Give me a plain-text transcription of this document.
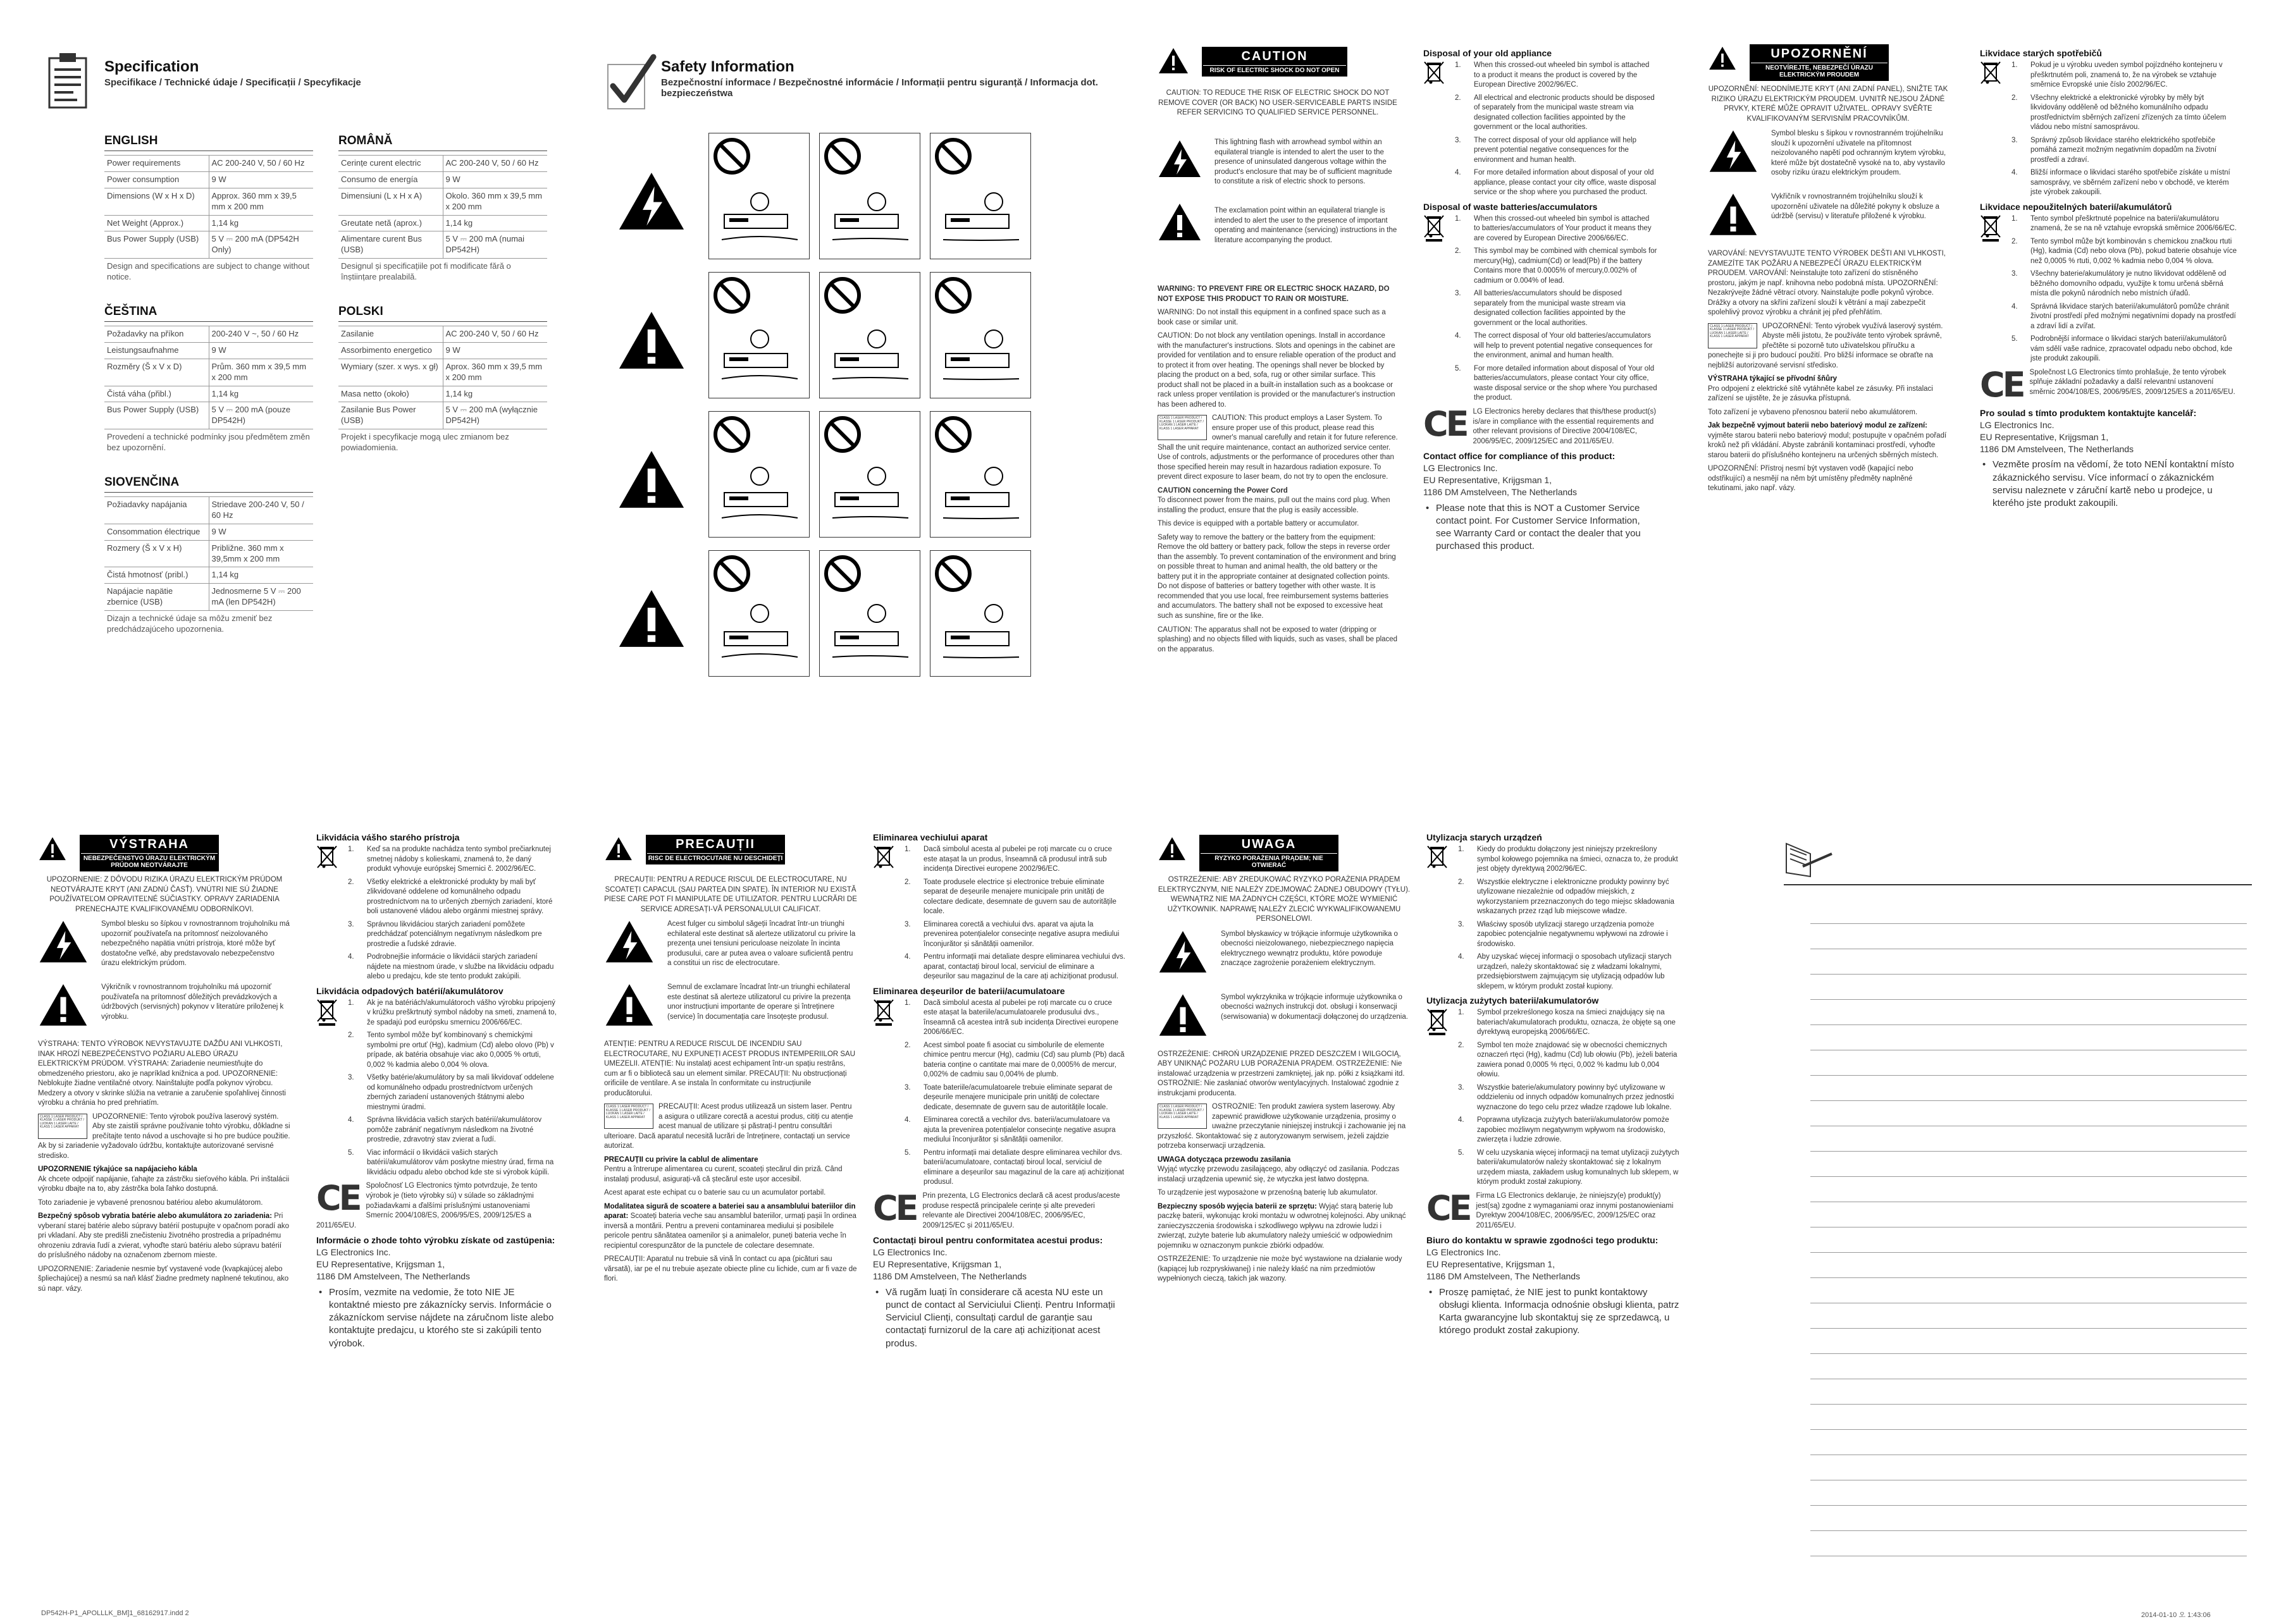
Specification
Specifikace / Technické údaje / Specificații / Specyfikacje
ENGLISH
Power requirements	AC 200-240 V, 50 / 60 Hz
Power consumption	9 W
Dimensions (W x H x D)	Approx. 360 mm x 39,5 mm x 200 mm
Net Weight (Approx.)	1,14 kg
Bus Power Supply (USB)	5 V ⎓ 200 mA (DP542H Only)
Design and specifications are subject to change without notice.	
ČEŠTINA
Požadavky na příkon	200-240 V ~, 50 / 60 Hz
Leistungsaufnahme	9 W
Rozměry (Š x V x D)	Prům. 360 mm x 39,5 mm x 200 mm
Čistá váha (přibl.)	1,14 kg
Bus Power Supply (USB)	5 V ⎓ 200 mA (pouze DP542H)
Provedení a technické podmínky jsou předmětem změn bez upozornění.	
SIOVENČINA
Požiadavky napájania	Striedave 200-240 V, 50 / 60 Hz
Consommation électrique	9 W
Rozmery (Š x V x H)	Približne. 360 mm x 39,5mm x 200 mm
Čistá hmotnosť (pribl.)	1,14 kg
Napájacie napätie zbernice (USB)	Jednosmerne 5 V ⎓ 200 mA (len DP542H)
Dizajn a technické údaje sa môžu zmeniť bez predchádzajúceho upozornenia.	
ROMÂNĂ
Cerințe curent electric	AC 200-240 V, 50 / 60 Hz
Consumo de energía	9 W
Dimensiuni (L x H x A)	Okolo. 360 mm x 39,5 mm x 200 mm
Greutate netă (aprox.)	1,14 kg
Alimentare curent Bus (USB)	5 V ⎓ 200 mA (numai DP542H)
Designul și specificațiile pot fi modificate fără o înștiințare prealabilă.	
POLSKI
Zasilanie	AC 200-240 V, 50 / 60 Hz
Assorbimento energetico	9 W
Wymiary (szer. x wys. x gł)	Aprox. 360 mm x 39,5 mm x 200 mm
Masa netto (około)	1,14 kg
Zasilanie Bus Power (USB)	5 V ⎓ 200 mA (wyłącznie DP542H)
Projekt i specyfikacje mogą ulec zmianom bez powiadomienia.	
Safety Information
Bezpečnostní informace / Bezpečnostné informácie / Informații pentru siguranță / Informacja dot. bezpieczeństwa
CAUTION
RISK OF ELECTRIC SHOCK DO NOT OPEN
CAUTION: TO REDUCE THE RISK OF ELECTRIC SHOCK DO NOT REMOVE COVER (OR BACK) NO USER-SERVICEABLE PARTS INSIDE REFER SERVICING TO QUALIFIED SERVICE PERSONNEL.
This lightning flash with arrowhead symbol within an equilateral triangle is intended to alert the user to the presence of uninsulated dangerous voltage within the product's enclosure that may be of sufficient magnitude to constitute a risk of electric shock to persons.
The exclamation point within an equilateral triangle is intended to alert the user to the presence of important operating and maintenance (servicing) instructions in the literature accompanying the product.
WARNING: TO PREVENT FIRE OR ELECTRIC SHOCK HAZARD, DO NOT EXPOSE THIS PRODUCT TO RAIN OR MOISTURE.
WARNING: Do not install this equipment in a confined space such as a book case or similar unit.
CAUTION: Do not block any ventilation openings. Install in accordance with the manufacturer's instructions. Slots and openings in the cabinet are provided for ventilation and to ensure reliable operation of the product and to protect it from over heating. The openings shall never be blocked by placing the product on a bed, sofa, rug or other similar surface. This product shall not be placed in a built-in installation such as a bookcase or rack unless proper ventilation is provided or the manufacturer's instruction has been adhered to.
CLASS 1 LASER PRODUCT / KLASSE 1 LASER PRODUKT / LUOKAN 1 LASER LAITE / KLASS 1 LASER APPARAT
CAUTION: This product employs a Laser System. To ensure proper use of this product, please read this owner's manual carefully and retain it for future reference. Shall the unit require maintenance, contact an authorized service center. Use of controls, adjustments or the performance of procedures other than those specified herein may result in hazardous radiation exposure. To prevent direct exposure to laser beam, do not try to open the enclosure.
CAUTION concerning the Power Cord
To disconnect power from the mains, pull out the mains cord plug. When installing the product, ensure that the plug is easily accessible.
This device is equipped with a portable battery or accumulator.
Safety way to remove the battery or the battery from the equipment: Remove the old battery or battery pack, follow the steps in reverse order than the assembly. To prevent contamination of the environment and bring on possible threat to human and animal health, the old battery or the battery put it in the appropriate container at designated collection points. Do not dispose of batteries or battery together with other waste. It is recommended that you use local, free reimbursement systems batteries and accumulators. The battery shall not be exposed to excessive heat such as sunshine, fire or the like.
CAUTION: The apparatus shall not be exposed to water (dripping or splashing) and no objects filled with liquids, such as vases, shall be placed on the apparatus.
Disposal of your old appliance
1. When this crossed-out wheeled bin symbol is attached to a product it means the product is covered by the European Directive 2002/96/EC.
2. All electrical and electronic products should be disposed of separately from the municipal waste stream via designated collection facilities appointed by the government or the local authorities.
3. The correct disposal of your old appliance will help prevent potential negative consequences for the environment and human health.
4. For more detailed information about disposal of your old appliance, please contact your city office, waste disposal service or the shop where you purchased the product.
Disposal of waste batteries/accumulators
1. When this crossed-out wheeled bin symbol is attached to batteries/accumulators of Your product it means they are covered by European Directive 2006/66/EC.
2. This symbol may be combined with chemical symbols for mercury(Hg), cadmium(Cd) or lead(Pb) if the battery Contains more that 0.0005% of mercury,0.002% of cadmium or 0.004% of lead.
3. All batteries/accumulators should be disposed separately from the municipal waste stream via designated collection facilities appointed by the government or the local authorities.
4. The correct disposal of Your old batteries/accumulators will help to prevent potential negative consequences for the environment, animal and human health.
5. For more detailed information about disposal of Your old batteries/accumulators, please contact Your city office, waste disposal service or the shop where You purchased the product.
CE LG Electronics hereby declares that this/these product(s) is/are in compliance with the essential requirements and other relevant provisions of Directive 2004/108/EC, 2006/95/EC, 2009/125/EC and 2011/65/EU.
Contact office for compliance of this product:
LG Electronics Inc.
EU Representative, Krijgsman 1,
1186 DM Amstelveen, The Netherlands
• Please note that this is NOT a Customer Service contact point. For Customer Service Information, see Warranty Card or contact the dealer that you purchased this product.
UPOZORNĚNÍ
NEOTVÍREJTE, NEBEZPEČÍ ÚRAZU ELEKTRICKÝM PROUDEM
UPOZORNĚNÍ: NEODNÍMEJTE KRYT (ANI ZADNÍ PANEL), SNIŽTE TAK RIZIKO ÚRAZU ELEKTRICKÝM PROUDEM. UVNITŘ NEJSOU ŽÁDNÉ PRVKY, KTERÉ MŮŽE OPRAVIT UŽIVATEL. OPRAVY SVĚŘTE KVALIFIKOVANÝM SERVISNÍM PRACOVNÍKŮM.
Symbol blesku s šipkou v rovnostranném trojúhelníku slouží k upozornění uživatele na přítomnost neizolovaného napětí pod ochranným krytem výrobku, které může být dostatečně vysoké na to, aby vystavilo osoby riziku úrazu elektrickým proudem.
Vykřičník v rovnostranném trojúhelníku slouží k upozornění uživatele na důležité pokyny k obsluze a údržbě (servisu) v literatuře přiložené k výrobku.
VAROVÁNÍ: NEVYSTAVUJTE TENTO VÝROBEK DEŠTI ANI VLHKOSTI, ZAMEZÍTE TAK POŽÁRU A NEBEZPEČÍ ÚRAZU ELEKTRICKÝM PROUDEM. VAROVÁNÍ: Neinstalujte toto zařízení do stísněného prostoru, jakým je např. knihovna nebo podobná místa. UPOZORNĚNÍ: Nezakrývejte žádné větrací otvory. Nainstalujte podle pokynů výrobce. Drážky a otvory na skříni zařízení slouží k větrání a mají zabezpečit spolehlivý provoz výrobku a chránit jej před přehřátím.
CLASS 1 LASER PRODUCT / KLASSE 1 LASER PRODUKT / LUOKAN 1 LASER LAITE / KLASS 1 LASER APPARAT
UPOZORNĚNÍ: Tento výrobek využívá laserový systém. Abyste měli jistotu, že používáte tento výrobek správně, přečtěte si pozorně tuto uživatelskou příručku a ponechejte si ji pro budoucí použití. Pro bližší informace se obraťte na nejbližší autorizované servisní středisko.
VÝSTRAHA týkající se přívodní šňůry
Pro odpojení z elektrické sítě vytáhněte kabel ze zásuvky. Při instalaci zařízení se ujistěte, že je zásuvka přístupná.
Toto zařízení je vybaveno přenosnou baterií nebo akumulátorem.
Jak bezpečně vyjmout baterii nebo bateriový modul ze zařízení: vyjměte starou baterii nebo bateriový modul; postupujte v opačném pořadí kroků než při vkládání. Abyste zabránili kontaminaci prostředí, vyhoďte starou baterii do příslušného kontejneru na určených sběrných místech.
UPOZORNĚNÍ: Přístroj nesmí být vystaven vodě (kapající nebo odstřikující) a nesmějí na něm být umístěny předměty naplněné tekutinami, jako např. vázy.
Likvidace starých spotřebičů
1. Pokud je u výrobku uveden symbol pojízdného kontejneru v přeškrtnutém poli, znamená to, že na výrobek se vztahuje směrnice Evropské unie číslo 2002/96/EC.
2. Všechny elektrické a elektronické výrobky by měly být likvidovány odděleně od běžného komunálního odpadu prostřednictvím sběrných zařízení zřízených za tímto účelem vládou nebo místní samosprávou.
3. Správný způsob likvidace starého elektrického spotřebiče pomáhá zamezit možným negativním dopadům na životní prostředí a zdraví.
4. Bližší informace o likvidaci starého spotřebiče získáte u místní samosprávy, ve sběrném zařízení nebo v obchodě, ve kterém jste výrobek zakoupili.
Likvidace nepoužitelných baterií/akumulátorů
1. Tento symbol přeškrtnuté popelnice na baterii/akumulátoru znamená, že se na ně vztahuje evropská směrnice 2006/66/EC.
2. Tento symbol může být kombinován s chemickou značkou rtuti (Hg), kadmia (Cd) nebo olova (Pb), pokud baterie obsahuje více než 0,0005 % rtuti, 0,002 % kadmia nebo 0,004 % olova.
3. Všechny baterie/akumulátory je nutno likvidovat odděleně od běžného domovního odpadu, využijte k tomu určená sběrná místa dle pokynů národních nebo místních úřadů.
4. Správná likvidace starých baterií/akumulátorů pomůže chránit životní prostředí před možnými negativními dopady na prostředí a zdraví lidí a zvířat.
5. Podrobnější informace o likvidaci starých baterií/akumulátorů vám sdělí vaše radnice, zpracovatel odpadu nebo obchod, kde jste produkt zakoupili.
CE Společnost LG Electronics tímto prohlašuje, že tento výrobek splňuje základní požadavky a další relevantní ustanovení směrnic 2004/108/ES, 2006/95/ES, 2009/125/ES a 2011/65/EU.
Pro soulad s tímto produktem kontaktujte kancelář:
LG Electronics Inc.
EU Representative, Krijgsman 1,
1186 DM Amstelveen, The Netherlands
• Vezměte prosím na vědomí, že toto NENÍ kontaktní místo zákaznického servisu. Více informací o zákaznickém servisu naleznete v záruční kartě nebo u prodejce, u kterého jste produkt zakoupili.
VÝSTRAHA
NEBEZPEČENSTVO ÚRAZU ELEKTRICKÝM PRÚDOM NEOTVÁRAJTE
UPOZORNENIE: Z DÔVODU RIZIKA ÚRAZU ELEKTRICKÝM PRÚDOM NEOTVÁRAJTE KRYT (ANI ZADNÚ ČASŤ). VNÚTRI NIE SÚ ŽIADNE POUŽÍVATEĽOM OPRAVITEĽNÉ SÚČIASTKY. OPRAVY ZARIADENIA PRENECHAJTE KVALIFIKOVANÉMU ODBORNÍKOVI.
Symbol blesku so šípkou v rovnostrannom trojuholníku má upozorniť používateľa na prítomnosť neizolovaného nebezpečného napätia vnútri prístroja, ktoré môže byť dostatočne veľké, aby predstavovalo nebezpečenstvo úrazu elektrickým prúdom.
Výkričník v rovnostrannom trojuholníku má upozorniť používateľa na prítomnosť dôležitých prevádzkových a údržbových (servisných) pokynov v literatúre priloženej k výrobku.
VÝSTRAHA: TENTO VÝROBOK NEVYSTAVUJTE DAŽĎU ANI VLHKOSTI, INAK HROZÍ NEBEZPEČENSTVO POŽIARU ALEBO ÚRAZU ELEKTRICKÝM PRÚDOM. VÝSTRAHA: Zariadenie neumiestňujte do obmedzeného priestoru, ako je napríklad knižnica a pod. UPOZORNENIE: Neblokujte žiadne ventilačné otvory. Nainštalujte podľa pokynov výrobcu. Medzery a otvory v skrinke slúžia na vetranie a zaručenie spoľahlivej činnosti výrobku a chránia ho pred prehriatím.
CLASS 1 LASER PRODUCT / KLASSE 1 LASER PRODUKT / LUOKAN 1 LASER LAITE / KLASS 1 LASER APPARAT
UPOZORNENIE: Tento výrobok používa laserový systém. Aby ste zaistili správne používanie tohto výrobku, dôkladne si prečítajte tento návod a uschovajte si ho pre budúce použitie. Ak by si zariadenie vyžadovalo údržbu, kontaktujte autorizované servisné stredisko.
UPOZORNENIE týkajúce sa napájacieho kábla
Ak chcete odpojiť napájanie, ťahajte za zástrčku sieťového kábla. Pri inštalácii výrobku dbajte na to, aby zástrčka bola ľahko dostupná.
Toto zariadenie je vybavené prenosnou batériou alebo akumulátorom.
Bezpečný spôsob vybratia batérie alebo akumulátora zo zariadenia: Pri vyberaní starej batérie alebo súpravy batérií postupujte v opačnom poradí ako pri vkladaní. Aby ste predišli znečisteniu životného prostredia a prípadnému ohrozeniu zdravia ľudí a zvierat, vyhoďte starú batériu alebo súpravu batérií do príslušného nádoby na označenom zbernom mieste.
UPOZORNENIE: Zariadenie nesmie byť vystavené vode (kvapkajúcej alebo špliechajúcej) a nesmú sa naň klásť žiadne predmety naplnené tekutinou, ako sú napr. vázy.
Likvidácia vášho starého prístroja
1. Keď sa na produkte nachádza tento symbol prečiarknutej smetnej nádoby s kolieskami, znamená to, že daný produkt vyhovuje európskej Smernici č. 2002/96/EC.
2. Všetky elektrické a elektronické produkty by mali byť zlikvidované oddelene od komunálneho odpadu prostredníctvom na to určených zberných zariadení, ktoré boli ustanovené vládou alebo orgánmi miestnej správy.
3. Správnou likvidáciou starých zariadení pomôžete predchádzať potenciálnym negatívnym následkom pre prostredie a ľudské zdravie.
4. Podrobnejšie informácie o likvidácii starých zariadení nájdete na miestnom úrade, v službe na likvidáciu odpadu alebo u predajcu, kde ste tento produkt zakúpili.
Likvidácia odpadových batérií/akumulátorov
1. Ak je na batériách/akumulátoroch vášho výrobku pripojený v krúžku preškrtnutý symbol nádoby na smeti, znamená to, že spadajú pod európsku smernicu 2006/66/EC.
2. Tento symbol môže byť kombinovaný s chemickými symbolmi pre ortuť (Hg), kadmium (Cd) alebo olovo (Pb) v prípade, ak batéria obsahuje viac ako 0,0005 % ortuti, 0,002 % kadmia alebo 0,004 % olova.
3. Všetky batérie/akumulátory by sa mali likvidovať oddelene od komunálneho odpadu prostredníctvom určených zberných zariadení ustanovených štátnymi alebo miestnymi úradmi.
4. Správna likvidácia vašich starých batérií/akumulátorov pomôže zabrániť negatívnym následkom na životné prostredie, zdravotný stav zvierat a ľudí.
5. Viac informácií o likvidácii vašich starých batérií/akumulátorov vám poskytne miestny úrad, firma na likvidáciu odpadu alebo obchod kde ste si výrobok kúpili.
CE Spoločnosť LG Electronics týmto potvrdzuje, že tento výrobok je (tieto výrobky sú) v súlade so základnými požiadavkami a ďalšími príslušnými ustanoveniami Smerníc 2004/108/ES, 2006/95/ES, 2009/125/ES a 2011/65/EU.
Informácie o zhode tohto výrobku získate od zastúpenia:
LG Electronics Inc.
EU Representative, Krijgsman 1,
1186 DM Amstelveen, The Netherlands
• Prosím, vezmite na vedomie, že toto NIE JE kontaktné miesto pre zákaznícky servis. Informácie o zákazníckom servise nájdete na záručnom liste alebo kontaktujte predajcu, u ktorého ste si zakúpili tento výrobok.
PRECAUȚII
RISC DE ELECTROCUTARE NU DESCHIDEȚI
PRECAUȚII: PENTRU A REDUCE RISCUL DE ELECTROCUTARE, NU SCOATEȚI CAPACUL (SAU PARTEA DIN SPATE). ÎN INTERIOR NU EXISTĂ PIESE CARE POT FI MANIPULATE DE UTILIZATOR. PENTRU LUCRĂRI DE SERVICE ADRESAȚI-VĂ PERSONALULUI CALIFICAT.
Acest fulger cu simbolul săgeții încadrat într-un triunghi echilateral este destinat să alerteze utilizatorul cu privire la prezența unei tensiuni periculoase neizolate în incinta produsului, care ar putea avea o valoare suficientă pentru a constitui un risc de electrocutare.
Semnul de exclamare încadrat într-un triunghi echilateral este destinat să alerteze utilizatorul cu privire la prezența unor instrucțiuni importante de operare și întreținere (service) în documentația care însoțește produsul.
ATENȚIE: PENTRU A REDUCE RISCUL DE INCENDIU SAU ELECTROCUTARE, NU EXPUNEȚI ACEST PRODUS INTEMPERIILOR SAU UMEZELII. ATENȚIE: Nu instalați acest echipament într-un spațiu restrâns, cum ar fi o bibliotecă sau un element similar. PRECAUȚII: Nu obstrucționați orificiile de ventilare. A se instala în conformitate cu instrucțiunile producătorului.
CLASS 1 LASER PRODUCT / KLASSE 1 LASER PRODUKT / LUOKAN 1 LASER LAITE / KLASS 1 LASER APPARAT
PRECAUȚII: Acest produs utilizează un sistem laser. Pentru a asigura o utilizare corectă a acestui produs, citiți cu atenție acest manual de utilizare și păstrați-l pentru consultări ulterioare. Dacă aparatul necesită lucrări de întreținere, contactați un service autorizat.
PRECAUȚII cu privire la cablul de alimentare
Pentru a întrerupe alimentarea cu curent, scoateți ștecărul din priză. Când instalați produsul, asigurați-vă că ștecărul este ușor accesibil.
Acest aparat este echipat cu o baterie sau cu un acumulator portabil.
Modalitatea sigură de scoatere a bateriei sau a ansamblului bateriilor din aparat: Scoateți bateria veche sau ansamblul bateriilor, urmați pașii în ordinea inversă a montării. Pentru a preveni contaminarea mediului și posibilele pericole pentru sănătatea oamenilor și a animalelor, puneți bateria veche în recipientul corespunzător de la punctele de colectare desemnate.
PRECAUȚII: Aparatul nu trebuie să vină în contact cu apa (picături sau vărsată), iar pe el nu trebuie așezate obiecte pline cu lichide, cum ar fi vaze de flori.
Eliminarea vechiului aparat
1. Dacă simbolul acesta al pubelei pe roți marcate cu o cruce este atașat la un produs, înseamnă că produsul intră sub incidența Directivei europene 2002/96/EC.
2. Toate produsele electrice și electronice trebuie eliminate separat de deșeurile menajere municipale prin unități de colectare dedicate, desemnate de guvern sau de autoritățile locale.
3. Eliminarea corectă a vechiului dvs. aparat va ajuta la prevenirea potențialelor consecințe negative asupra mediului înconjurător și sănătății oamenilor.
4. Pentru informații mai detaliate despre eliminarea vechiului dvs. aparat, contactați biroul local, serviciul de eliminare a deșeurilor sau magazinul de la care ați achiziționat produsul.
Eliminarea deșeurilor de baterii/acumulatoare
1. Dacă simbolul acesta al pubelei pe roți marcate cu o cruce este atașat la bateriile/acumulatoarele produsului dvs., înseamnă că acestea intră sub incidența Directivei europene 2006/66/EC.
2. Acest simbol poate fi asociat cu simbolurile de elemente chimice pentru mercur (Hg), cadmiu (Cd) sau plumb (Pb) dacă bateria conține o cantitate mai mare de 0,0005% de mercur, 0,002% de cadmiu sau 0,004% de plumb.
3. Toate bateriile/acumulatoarele trebuie eliminate separat de deșeurile menajere municipale prin unități de colectare dedicate, desemnate de guvern sau de autoritățile locale.
4. Eliminarea corectă a vechilor dvs. baterii/acumulatoare va ajuta la prevenirea potențialelor consecințe negative asupra mediului înconjurător și sănătății oamenilor.
5. Pentru informații mai detaliate despre eliminarea vechilor dvs. baterii/acumulatoare, contactați biroul local, serviciul de eliminare a deșeurilor sau magazinul de la care ați achiziționat produsul.
CE Prin prezenta, LG Electronics declară că acest produs/aceste produse respectă principalele cerințe și alte prevederi relevante ale Directivei 2004/108/EC, 2006/95/EC, 2009/125/EC și 2011/65/EU.
Contactați biroul pentru conformitatea acestui produs:
LG Electronics Inc.
EU Representative, Krijgsman 1,
1186 DM Amstelveen, The Netherlands
• Vă rugăm luați în considerare că acesta NU este un punct de contact al Serviciului Clienți. Pentru Informații Serviciul Clienți, consultați cardul de garanție sau contactați furnizorul de la care ați achiziționat acest produs.
UWAGA
RYZYKO PORAŻENIA PRĄDEM; NIE OTWIERAĆ
OSTRZEŻENIE: ABY ZREDUKOWAĆ RYZYKO PORAŻENIA PRĄDEM ELEKTRYCZNYM, NIE NALEŻY ZDEJMOWAĆ ŻADNEJ OBUDOWY (TYŁU). WEWNĄTRZ NIE MA ŻADNYCH CZĘŚCI, KTÓRE MOŻE WYMIENIĆ UŻYTKOWNIK. NAPRAWĘ NALEŻY ZLECIĆ WYKWALIFIKOWANEMU PERSONELOWI.
Symbol błyskawicy w trójkącie informuje użytkownika o obecności nieizolowanego, niebezpiecznego napięcia elektrycznego wewnątrz produktu, które powoduje znaczące zagrożenie porażeniem elektrycznym.
Symbol wykrzyknika w trójkącie informuje użytkownika o obecności ważnych instrukcji dot. obsługi i konserwacji (serwisowania) w dokumentacji dołączonej do urządzenia.
OSTRZEŻENIE: CHROŃ URZĄDZENIE PRZED DESZCZEM I WILGOCIĄ, ABY UNIKNĄĆ POŻARU LUB PORAŻENIA PRĄDEM. OSTRZEŻENIE: Nie instalować urządzenia w przestrzeni zamkniętej, jak np. półki z książkami itd. OSTROŻNIE: Nie zasłaniać otworów wentylacyjnych. Instalować zgodnie z instrukcjami producenta.
CLASS 1 LASER PRODUCT / KLASSE 1 LASER PRODUKT / LUOKAN 1 LASER LAITE / KLASS 1 LASER APPARAT
OSTROŻNIE: Ten produkt zawiera system laserowy. Aby zapewnić prawidłowe użytkowanie urządzenia, prosimy o uważne przeczytanie niniejszej instrukcji i zachowanie jej na przyszłość. Skontaktować się z autoryzowanym serwisem, jeżeli zajdzie potrzeba konserwacji urządzenia.
UWAGA dotycząca przewodu zasilania
Wyjąć wtyczkę przewodu zasilającego, aby odłączyć od zasilania. Podczas instalacji urządzenia upewnić się, że wtyczka jest łatwo dostępna.
To urządzenie jest wyposażone w przenośną baterię lub akumulator.
Bezpieczny sposób wyjęcia baterii ze sprzętu: Wyjąć starą baterię lub paczkę baterii, wykonując kroki montażu w odwrotnej kolejności. Aby uniknąć zanieczyszczenia środowiska i szkodliwego wpływu na zdrowie ludzi i zwierząt, zużyte baterie lub akumulatory należy umieścić w odpowiednim pojemniku w oznaczonym punkcie zbiórki odpadów.
OSTRZEŻENIE: To urządzenie nie może być wystawione na działanie wody (kapiącej lub rozpryskiwanej) i nie należy kłaść na nim przedmiotów wypełnionych cieczą, takich jak wazony.
Utylizacja starych urządzeń
1. Kiedy do produktu dołączony jest niniejszy przekreślony symbol kołowego pojemnika na śmieci, oznacza to, że produkt jest objęty dyrektywą 2002/96/EC.
2. Wszystkie elektryczne i elektroniczne produkty powinny być utylizowane niezależnie od odpadów miejskich, z wykorzystaniem przeznaczonych do tego miejsc składowania wskazanych przez rząd lub miejscowe władze.
3. Właściwy sposób utylizacji starego urządzenia pomoże zapobiec potencjalnie negatywnemu wpływowi na zdrowie i środowisko.
4. Aby uzyskać więcej informacji o sposobach utylizacji starych urządzeń, należy skontaktować się z władzami lokalnymi, przedsiębiorstwem zajmującym się utylizacją odpadów lub sklepem, w którym produkt został kupiony.
Utylizacja zużytych baterii/akumulatorów
1. Symbol przekreślonego kosza na śmieci znajdujący się na bateriach/akumulatorach produktu, oznacza, że objęte są one dyrektywą europejską 2006/66/EC.
2. Symbol ten może znajdować się w obecności chemicznych oznaczeń rtęci (Hg), kadmu (Cd) lub ołowiu (Pb), jeżeli bateria zawiera ponad 0,0005 % rtęci, 0,002 % kadmu lub 0,004 ołowiu.
3. Wszystkie baterie/akumulatory powinny być utylizowane w oddzieleniu od innych odpadów komunalnych przez jednostki wyznaczone do tego celu przez władze rządowe lub lokalne.
4. Poprawna utylizacja zużytych baterii/akumulatorów pomoże zapobiec możliwym negatywnym wpływom na środowisko, zwierzęta i ludzie zdrowie.
5. W celu uzyskania więcej informacji na temat utylizacji zużytych baterii/akumulatorów należy skontaktować się z lokalnym urzędem miasta, zakładem usług komunalnych lub sklepem, w którym produkt został zakupiony.
CE Firma LG Electronics deklaruje, że niniejszy(e) produkt(y) jest(są) zgodne z wymaganiami oraz innymi postanowieniami Dyrektyw 2004/108/EC, 2006/95/EC, 2009/125/EC oraz 2011/65/EU.
Biuro do kontaktu w sprawie zgodności tego produktu:
LG Electronics Inc.
EU Representative, Krijgsman 1,
1186 DM Amstelveen, The Netherlands
• Proszę pamiętać, że NIE jest to punkt kontaktowy obsługi klienta. Informacja odnośnie obsługi klienta, patrz Karta gwarancyjne lub skontaktuj się ze sprzedawcą, u którego produkt został zakupiony.
DP542H-P1_APOLLLK_BM]1_68162917.indd 2	2014-01-10 오 1:43:06
